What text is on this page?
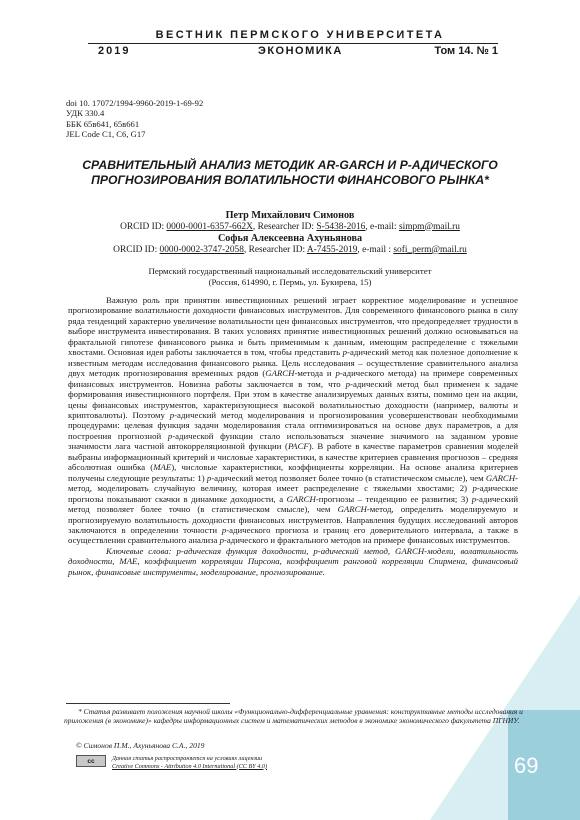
ВЕСТНИК ПЕРМСКОГО УНИВЕРСИТЕТА
2019	ЭКОНОМИКА	Том 14. № 1
doi 10. 17072/1994-9960-2019-1-69-92
УДК 330.4
ББК 65в641, 65в661
JEL Code C1, C6, G17
СРАВНИТЕЛЬНЫЙ АНАЛИЗ МЕТОДИК AR-GARCH И P-АДИЧЕСКОГО ПРОГНОЗИРОВАНИЯ ВОЛАТИЛЬНОСТИ ФИНАНСОВОГО РЫНКА*
Петр Михайлович Симонов
ORCID ID: 0000-0001-6357-662X, Researcher ID: S-5438-2016, e-mail: simpm@mail.ru
Софья Алексеевна Ахуньянова
ORCID ID: 0000-0002-3747-2058, Researcher ID: A-7455-2019, e-mail : sofi_perm@mail.ru
Пермский государственный национальный исследовательский университет
(Россия, 614990, г. Пермь, ул. Букирева, 15)

Важную роль при принятии инвестиционных решений играет корректное моделирование и успешное прогнозирование волатильности доходности финансовых инструментов. Для современного финансового рынка в силу ряда тенденций характерно увеличение волатильности цен финансовых инструментов, что предопределяет трудности в выборе инструмента инвестирования. В таких условиях принятие инвестиционных решений должно основываться на фрактальной гипотезе финансового рынка и быть применимым к данным, имеющим распределение с тяжелыми хвостами. Основная идея работы заключается в том, чтобы представить p-адический метод как полезное дополнение к известным методам исследования финансового рынка. Цель исследования – осуществление сравнительного анализа двух методик прогнозирования временных рядов (GARCH-метода и p-адического метода) на примере современных финансовых инструментов. Новизна работы заключается в том, что p-адический метод был применен к задаче формирования инвестиционного портфеля. При этом в качестве анализируемых данных взяты, помимо цен на акции, цены финансовых инструментов, характеризующиеся высокой волатильностью доходности (например, валюты и криптовалюты). Поэтому p-адический метод моделирования и прогнозирования усовершенствован необходимыми процедурами: целевая функция задачи моделирования стала оптимизироваться на основе двух параметров, а для построения прогнозной p-адической функции стало использоваться значение значимого на заданном уровне значимости лага частной автокорреляционной функции (PACF). В работе в качестве параметров сравнения моделей выбраны информационный критерий и числовые характеристики, в качестве критериев сравнения прогнозов – средняя абсолютная ошибка (MAE), числовые характеристики, коэффициенты корреляции. На основе анализа критериев получены следующие результаты: 1) p-адический метод позволяет более точно (в статистическом смысле), чем GARCH-метод, моделировать случайную величину, которая имеет распределение с тяжелыми хвостами; 2) p-адические прогнозы показывают скачки в динамике доходности, а GARCH-прогнозы – тенденцию ее развития; 3) p-адический метод позволяет более точно (в статистическом смысле), чем GARCH-метод, определить моделируемую и прогнозируемую волатильность доходности финансовых инструментов. Направления будущих исследований авторов заключаются в определении точности p-адического прогноза и границ его доверительного интервала, а также в осуществлении сравнительного анализа p-адического и фрактального методов на примере финансовых инструментов.

Ключевые слова: p-адическая функция доходности, p-адический метод, GARCH-модели, волатильность доходности, MAE, коэффициент корреляции Пирсона, коэффициент ранговой корреляции Спирмена, финансовый рынок, финансовые инструменты, моделирование, прогнозирование.

69
* Статья развивает положения научной школы «Функционально-дифференциальные уравнения: конструктивные методы исследования и приложения (в экономике)» кафедры информационных систем и математических методов в экономике экономического факультета ПГНИУ.
© Симонов П.М., Ахуньянова С.А., 2019
cc	Данная статья распространяется на условиях лицензии
Creative Commons - Attribution 4.0 International (CC BY 4.0)
